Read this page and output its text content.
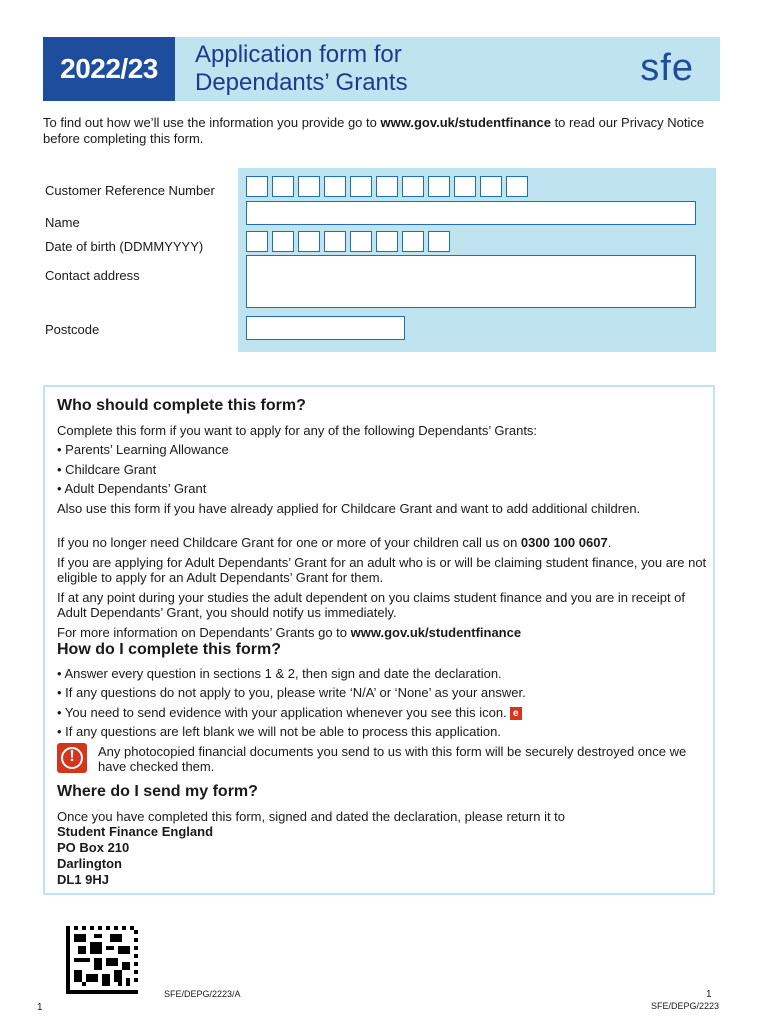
2022/23	Application form for
Dependants’ Grants	sfe
To find out how we’ll use the information you provide go to www.gov.uk/studentfinance to read our Privacy Notice before completing this form.
Customer Reference Number
Name
Date of birth (DDMMYYYY)
Contact address
Postcode
Who should complete this form?
Complete this form if you want to apply for any of the following Dependants’ Grants:
• Parents’ Learning Allowance
• Childcare Grant
• Adult Dependants’ Grant
Also use this form if you have already applied for Childcare Grant and want to add additional children.
If you no longer need Childcare Grant for one or more of your children call us on 0300 100 0607.
If you are applying for Adult Dependants’ Grant for an adult who is or will be claiming student finance, you are not eligible to apply for an Adult Dependants’ Grant for them.
If at any point during your studies the adult dependent on you claims student finance and you are in receipt of Adult Dependants’ Grant, you should notify us immediately.
For more information on Dependants’ Grants go to www.gov.uk/studentfinance
How do I complete this form?
• Answer every question in sections 1 & 2, then sign and date the declaration.
• If any questions do not apply to you, please write ‘N/A’ or ‘None’ as your answer.
• You need to send evidence with your application whenever you see this icon. e
• If any questions are left blank we will not be able to process this application.
!	Any photocopied financial documents you send to us with this form will be securely destroyed once we have checked them.
Where do I send my form?
Once you have completed this form, signed and dated the declaration, please return it to
Student Finance England
PO Box 210
Darlington
DL1 9HJ
SFE/DEPG/2223/A
1
1
SFE/DEPG/2223
